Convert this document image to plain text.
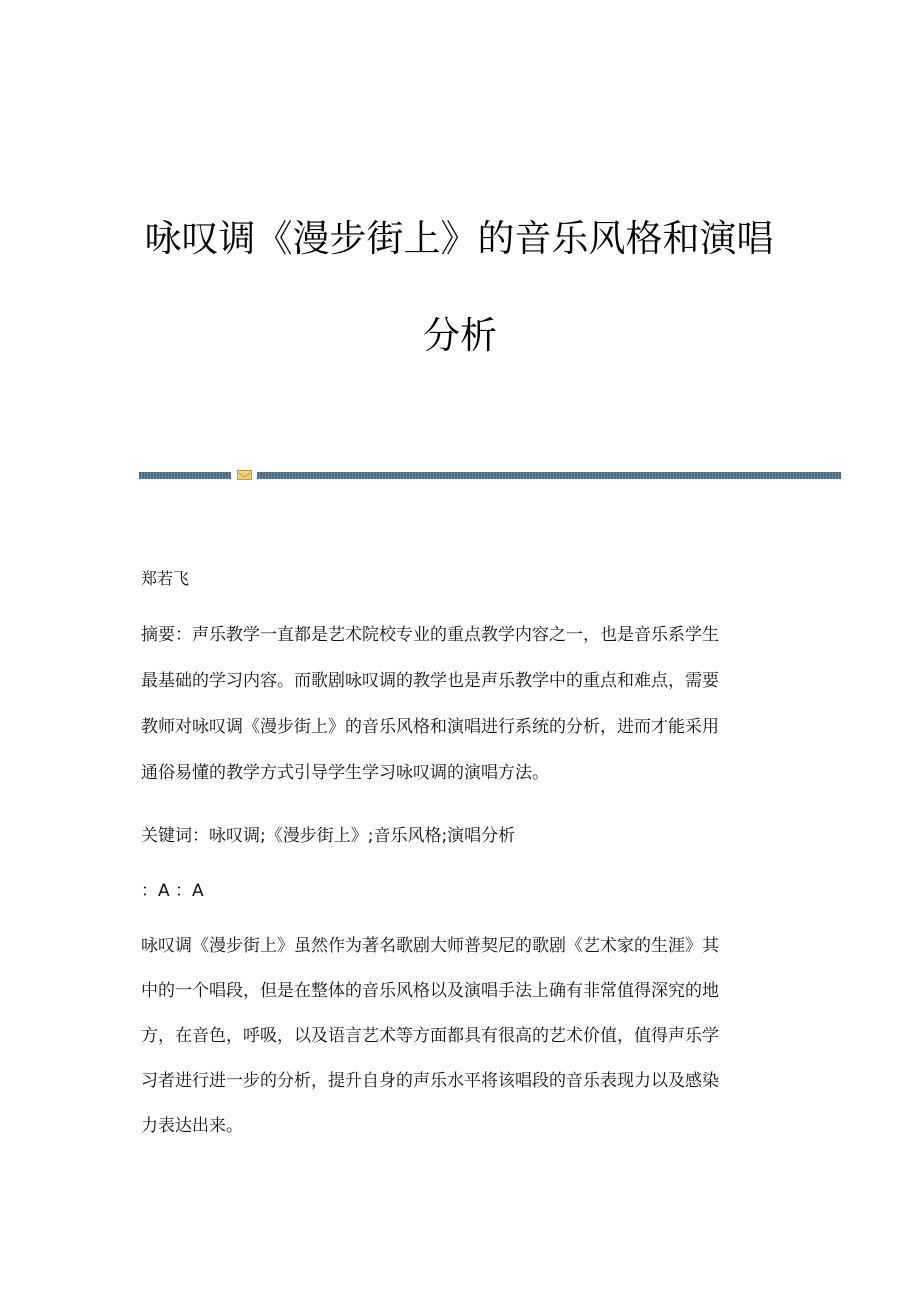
咏叹调《漫步街上》的音乐风格和演唱
分析
郑若飞
摘要：声乐教学一直都是艺术院校专业的重点教学内容之一，也是音乐系学生
最基础的学习内容。而歌剧咏叹调的教学也是声乐教学中的重点和难点，需要
教师对咏叹调《漫步街上》的音乐风格和演唱进行系统的分析，进而才能采用
通俗易懂的教学方式引导学生学习咏叹调的演唱方法。
关键词：咏叹调;《漫步街上》;音乐风格;演唱分析
：A ：A
咏叹调《漫步街上》虽然作为著名歌剧大师普契尼的歌剧《艺术家的生涯》其
中的一个唱段，但是在整体的音乐风格以及演唱手法上确有非常值得深究的地
方，在音色，呼吸，以及语言艺术等方面都具有很高的艺术价值，值得声乐学
习者进行进一步的分析，提升自身的声乐水平将该唱段的音乐表现力以及感染
力表达出来。
